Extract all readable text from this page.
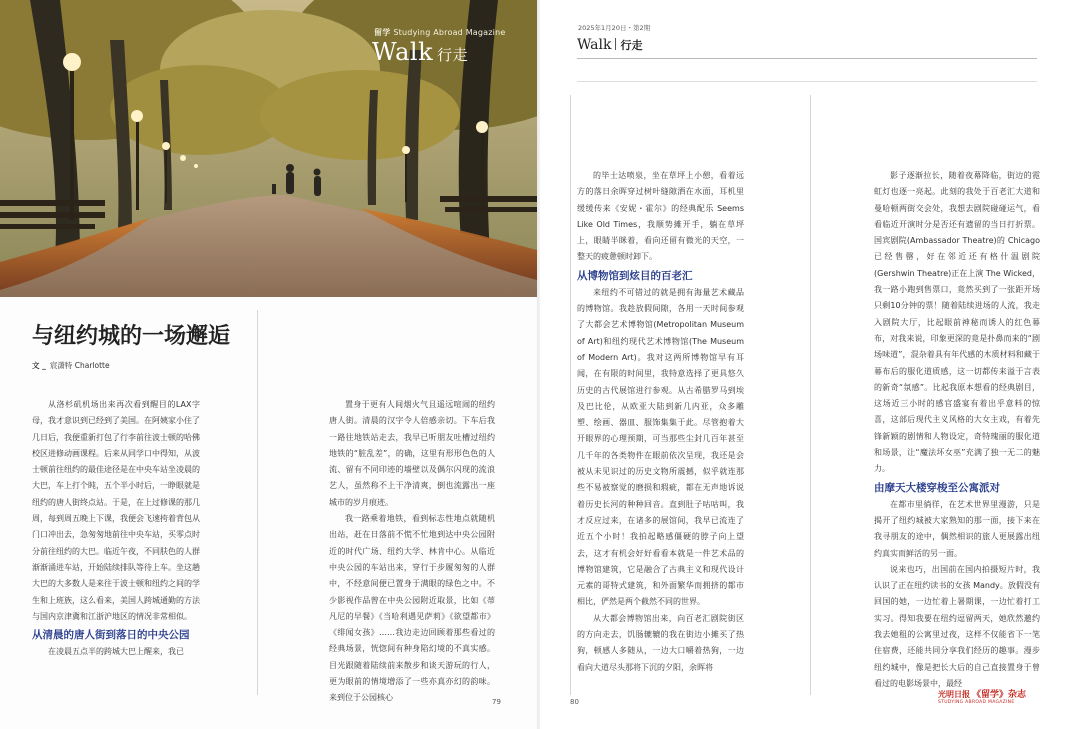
留学 Studying Abroad Magazine
Walk 行走
与纽约城的一场邂逅
文 _ 宸潇特 Charlotte

从洛杉矶机场出来再次看到醒目的LAX字母，我才意识到已经到了美国。在阿姨家小住了几日后，我便重新打包了行李前往波士顿的哈佛校区进修动画课程。后来从同学口中得知，从波士顿前往纽约的最佳途径是在中央车站坐凌晨的大巴，车上打个盹，五个半小时后，一睁眼就是纽约的唐人街终点站。于是，在上过修课的那几周，每到周五晚上下课，我便会飞速挎着背包从门口冲出去，急匆匆地前往中央车站，买零点时分前往纽约的大巴。临近午夜，不同肤色的人群渐渐涌进车站，开始陆续排队等待上车。坐这趟大巴的大多数人是来往于波士顿和纽约之间的学生和上班族，这么看来，美国人跨城通勤的方法与国内京津冀和江浙沪地区的情况非常相似。

从清晨的唐人街到落日的中央公园

在凌晨五点半的跨城大巴上醒来，我已

置身于更有人间烟火气且遥远喧闹的纽约唐人街。清晨的汉字令人倍感亲切。下车后我一路往地铁站走去，我早已听朋友吐槽过纽约地铁的“脏乱差”，的确，这里有形形色色的人流、留有不同印迹的墙壁以及偶尔闪现的流浪艺人，虽然称不上干净清爽，倒也流露出一座城市的岁月痕迹。

我一路乘着地铁，看到标志性地点就随机出站，赶在日落前不慌不忙地到达中央公园附近的时代广场、纽约大学、林肯中心。从临近中央公园的车站出来，穿行于步履匆匆的人群中，不经意间便已置身于满眼的绿色之中。不少影视作品曾在中央公园附近取景，比如《蒂凡尼的早餐》《当哈利遇见萨莉》《欲望都市》《绯闻女孩》……我边走边回顾着那些看过的经典场景，恍惚间有种身陷幻境的不真实感。目光跟随着陆续前来散步和谈天游玩的行人，更为眼前的情境增添了一些亦真亦幻的韵味。来到位于公园核心	79
2025年1月20日・第2期
Walk 行走

的毕士达喷泉，坐在草坪上小憩，看着远方的落日余晖穿过树叶缝隙洒在水面，耳机里缓缓传来《安妮・霍尔》的经典配乐 Seems Like Old Times，我顺势摊开手，躺在草坪上，眼睛半眯着，看向还留有微光的天空，一整天的疲惫顿时卸下。

从博物馆到炫目的百老汇

来纽约不可错过的就是拥有海量艺术藏品的博物馆。我趁放假间隙，各用一天时间参观了大都会艺术博物馆(Metropolitan Museum of Art)和纽约现代艺术博物馆(The Museum of Modern Art)。我对这两所博物馆早有耳闻，在有限的时间里，我特意选择了更具悠久历史的古代展馆进行参观。从古希腊罗马到埃及巴比伦，从欧亚大陆到新几内亚，众多雕塑、绘画、器皿、服饰集集于此。尽管抱着大开眼界的心理预期，可当那些尘封几百年甚至几千年的各类物件在眼前依次呈现，我还是会被从未见识过的历史文物所震撼，似乎就连那些不易被察觉的磨损和瑕疵，都在无声地诉说着历史长河的种种回音。直到肚子咕咕叫，我才反应过来，在诸多的展馆间，我早已流连了近五个小时！我拍起略感僵硬的脖子向上望去，这才有机会好好看看本就是一件艺术品的博物馆建筑，它是融合了古典主义和现代设计元素的哥特式建筑，和外面繁华而拥挤的都市相比，俨然是两个截然不同的世界。

从大都会博物馆出来，向百老汇剧院街区的方向走去，饥肠辘辘的我在街边小摊买了热狗，顿感人多随从，一边大口嚼着热狗，一边看向大道尽头那将下沉的夕阳，余晖将

影子逐渐拉长，随着夜幕降临，街边的霓虹灯也逐一亮起。此刻的我处于百老汇大道和曼哈顿两街交会处，我想去剧院碰碰运气，看看临近开演时分是否还有遗留的当日打折票。国宾剧院(Ambassador Theatre)的 Chicago 已经售罄，好在邻近还有格什温剧院(Gershwin Theatre)正在上演 The Wicked，我一路小跑到售票口，竟然买到了一张距开场只剩10分钟的票！随着陆续进场的人流，我走入剧院大厅，比起眼前神秘而诱人的红色幕布，对我来说，印象更深的竟是扑鼻而来的“剧场味道”，混杂着具有年代感的木质材料和藏于幕布后的服化道质感，这一切都传来溢于言表的新奇“氛感”。比起我原本想看的经典剧目，这场近三小时的感官盛宴有着出乎意料的惊喜，这部后现代主义风格的大女主戏，有着先锋新颖的剧情和人物设定，奇特瑰丽的服化道和场景，让“魔法坏女巫”充满了独一无二的魅力。

由摩天大楼穿梭至公寓派对

在都市里徜徉，在艺术世界里漫游，只是揭开了纽约城被大家熟知的那一面，接下来在我寻朋友的途中，偶然相识的旅人更展露出纽约真实而鲜活的另一面。

说来也巧，出国前在国内拍摄短片时，我认识了正在纽约读书的女孩 Mandy。放假没有回国的她，一边忙着上暑期课，一边忙着打工实习。得知我要在纽约逗留两天，她欣然邀约我去她租的公寓里过夜，这样不仅能省下一笔住宿费，还能共同分享我们经历的趣事。漫步纽约城中，像是把长大后的自己直接置身于曾看过的电影场景中，最经

80
光明日报 《留学》杂志
STUDYING ABROAD MAGAZINE
